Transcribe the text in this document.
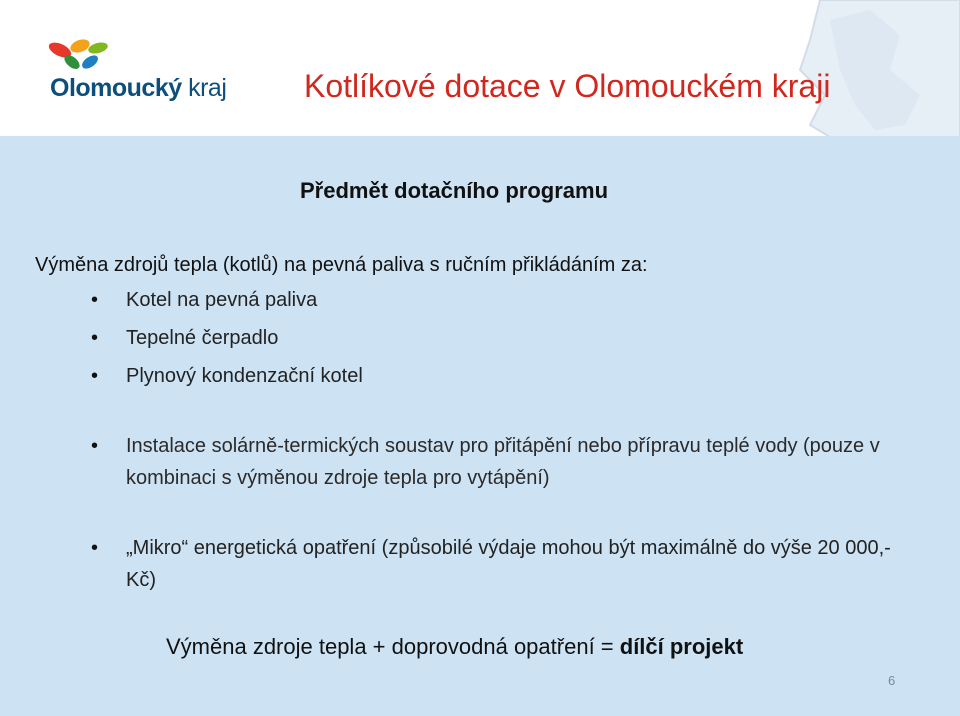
Olomoucký kraj Kotlíkové dotace v Olomouckém kraji
Předmět dotačního programu
Výměna zdrojů tepla (kotlů) na pevná paliva s ručním přikládáním za:
• Kotel na pevná paliva
• Tepelné čerpadlo
• Plynový kondenzační kotel
• Instalace solárně-termických soustav pro přitápění nebo přípravu teplé vody (pouze v kombinaci s výměnou zdroje tepla pro vytápění)
• „Mikro“ energetická opatření (způsobilé výdaje mohou být maximálně do výše 20 000,- Kč)
Výměna zdroje tepla + doprovodná opatření = dílčí projekt
6
